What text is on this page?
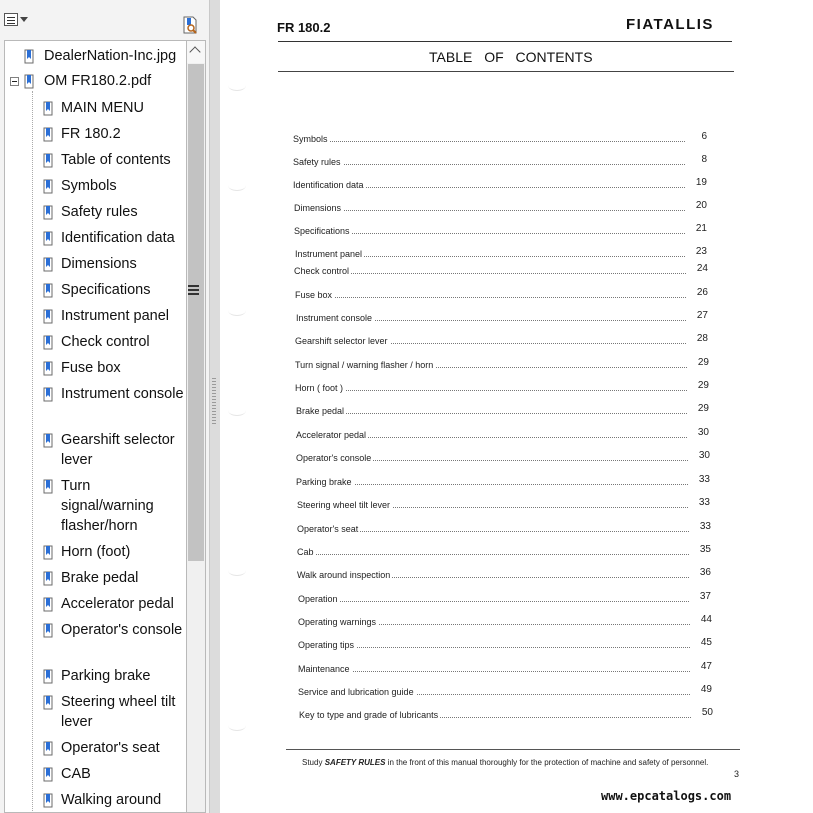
DealerNation-Inc.jpg
OM FR180.2.pdf
MAIN MENU
FR 180.2
Table of contents
Symbols
Safety rules
Identification data
Dimensions
Specifications
Instrument panel
Check control
Fuse box
Instrument console
Gearshift selector lever
Turn signal/warning flasher/horn
Horn (foot)
Brake pedal
Accelerator pedal
Operator's console
Parking brake
Steering wheel tilt lever
Operator's seat
CAB
Walking around
FR 180.2	FIATALLIS
TABLE OF CONTENTS
Symbols	6
Safety rules	8
Identification data	19
Dimensions	20
Specifications	21
Instrument panel	23
Check control	24
Fuse box	26
Instrument console	27
Gearshift selector lever	28
Turn signal / warning flasher / horn	29
Horn ( foot )	29
Brake pedal	29
Accelerator pedal	30
Operator's console	30
Parking brake	33
Steering wheel tilt lever	33
Operator's seat	33
Cab	35
Walk around inspection	36
Operation	37
Operating warnings	44
Operating tips	45
Maintenance	47
Service and lubrication guide	49
Key to type and grade of lubricants	50
Study SAFETY RULES in the front of this manual thoroughly for the protection of machine and safety of personnel.
3
www.epcatalogs.com
